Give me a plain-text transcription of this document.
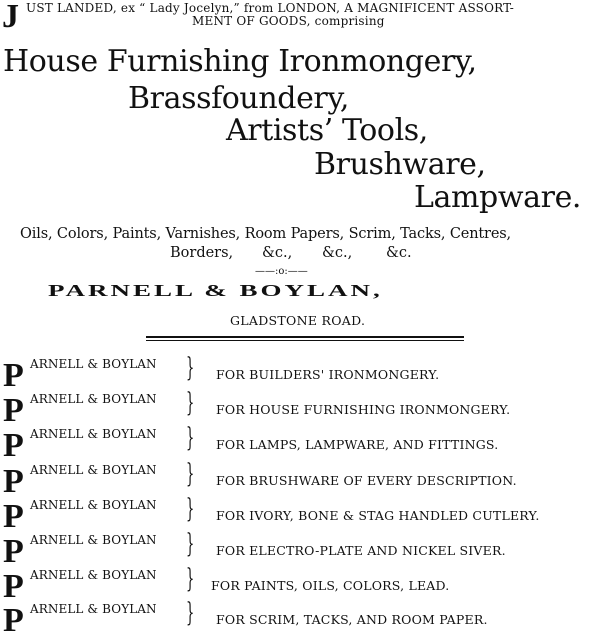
J UST LANDED, ex “ Lady Jocelyn,” from LONDON, A MAGNIFICENT ASSORT-
MENT OF GOODS, comprising
House Furnishing Ironmongery,
Brassfoundery,
Artists’ Tools,
Brushware,
Lampware.
Oils, Colors, Paints, Varnishes, Room Papers, Scrim, Tacks, Centres,
Borders, &c., &c., &c.
——:o:——
PARNELL & BOYLAN,
GLADSTONE ROAD.
P ARNELL & BOYLAN } FOR BUILDERS' IRONMONGERY.
P ARNELL & BOYLAN } FOR HOUSE FURNISHING IRONMONGERY.
P ARNELL & BOYLAN } FOR LAMPS, LAMPWARE, AND FITTINGS.
P ARNELL & BOYLAN } FOR BRUSHWARE OF EVERY DESCRIPTION.
P ARNELL & BOYLAN } FOR IVORY, BONE & STAG HANDLED CUTLERY.
P ARNELL & BOYLAN } FOR ELECTRO-PLATE AND NICKEL SIVER.
P ARNELL & BOYLAN } FOR PAINTS, OILS, COLORS, LEAD.
P ARNELL & BOYLAN } FOR SCRIM, TACKS, AND ROOM PAPER.
